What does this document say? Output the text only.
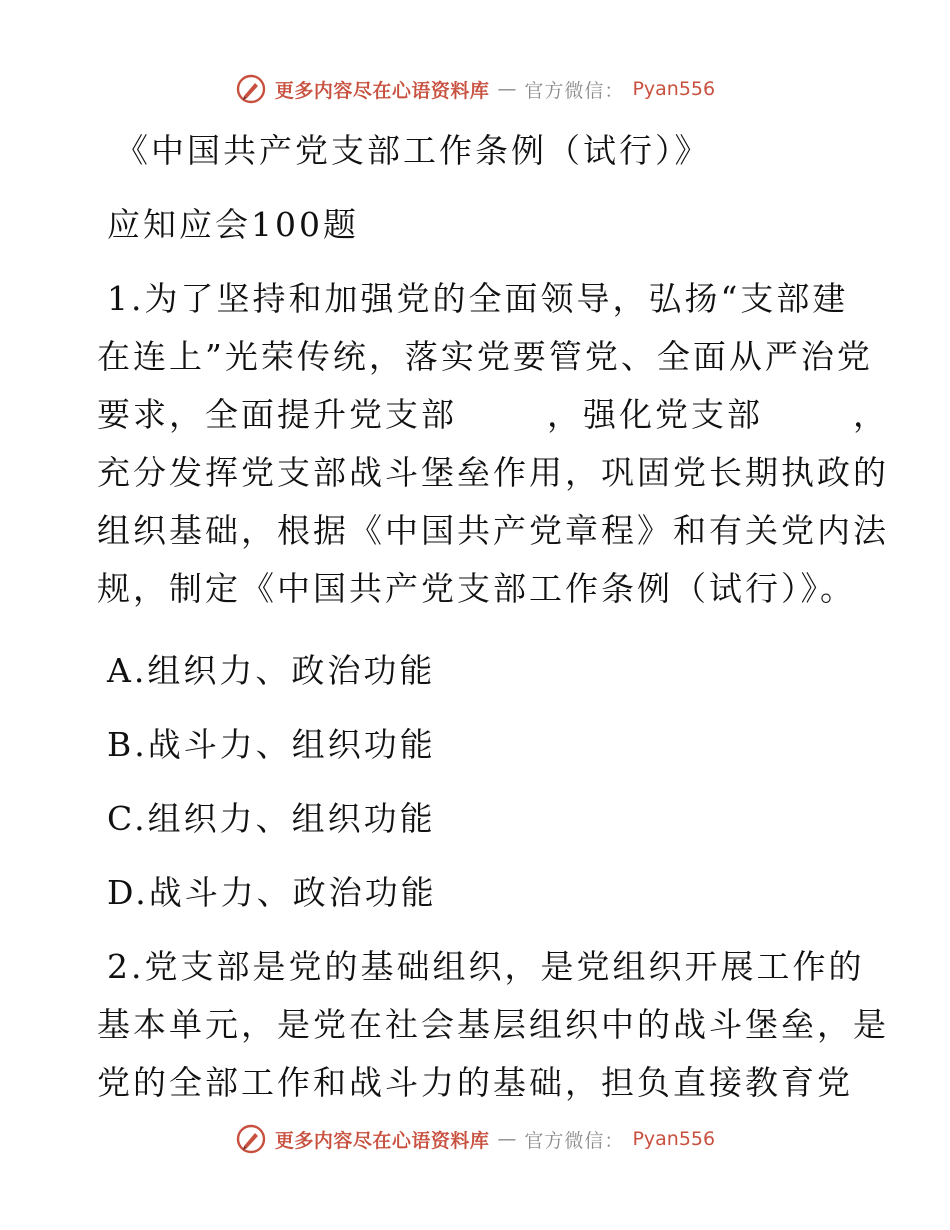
更多内容尽在心语资料库 — 官方微信： Pyan556

《中国共产党支部工作条例（试行）》

应知应会100题

1.为了坚持和加强党的全面领导，弘扬“支部建

在连上”光荣传统，落实党要管党、全面从严治党

要求，全面提升党支部	，强化党支部	，

充分发挥党支部战斗堡垒作用，巩固党长期执政的

组织基础，根据《中国共产党章程》和有关党内法

规，制定《中国共产党支部工作条例（试行）》。

A.组织力、政治功能
B.战斗力、组织功能
C.组织力、组织功能
D.战斗力、政治功能

2.党支部是党的基础组织，是党组织开展工作的

基本单元，是党在社会基层组织中的战斗堡垒，是

党的全部工作和战斗力的基础，担负直接教育党

更多内容尽在心语资料库 — 官方微信： Pyan556
